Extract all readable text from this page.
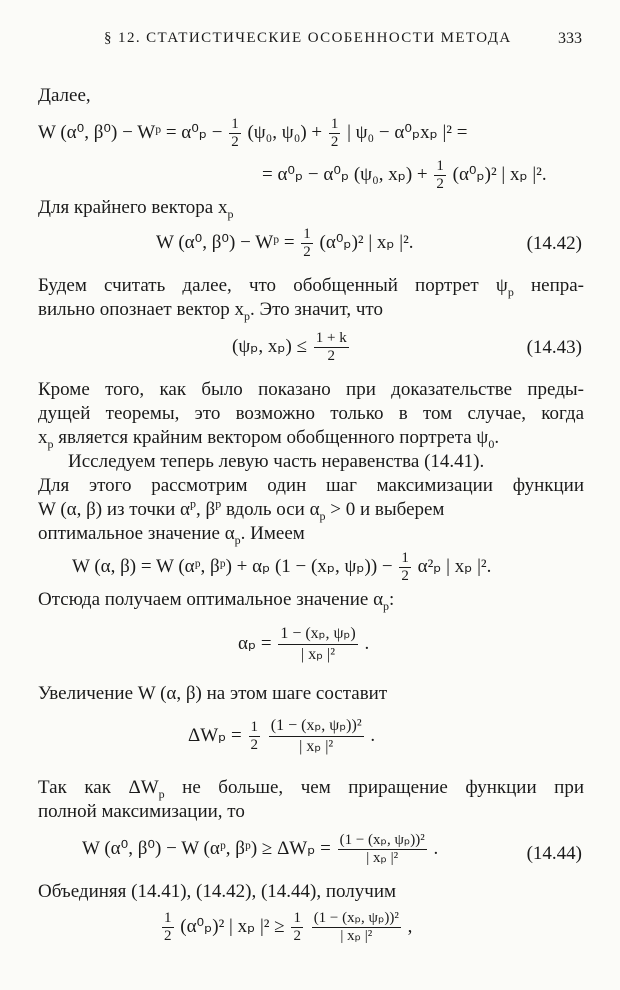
§ 12. СТАТИСТИЧЕСКИЕ ОСОБЕННОСТИ МЕТОДА	333
Далее,
W (α⁰, β⁰) − Wᵖ = $\alpha^0_p - \frac{1}{2} (\psi_0$, $\psi_0) + \frac{1}{2}$ | ψ₀ − α⁰ₚxₚ |² =
= α⁰ₚ − α⁰ₚ (ψ₀, $x_p) + \frac{1}{2} (\alpha^0_p)^2$ | xₚ |².
Для крайнего вектора $x_p$
W (α⁰, β⁰) − Wᵖ = $\frac{1}{2} (\alpha^0_p)^2$ | xₚ |².	(14.42)
Будем считать далее, что обобщенный портрет $\psi_p$ непра-
вильно опознает вектор $x_p$. Это значит, что
(ψₚ, $x_p) \le \frac{1 + k}{2}$	(14.43)
Кроме того, как было показано при доказательстве преды-
дущей теоремы, это возможно только в том случае, когда
$x_p$ является крайним вектором обобщенного портрета $\psi_0$.
Исследуем теперь левую часть неравенства (14.41).
Для этого рассмотрим один шаг максимизации функции
W (α, β) из точки $\alpha^p$, $\beta^p$ вдоль оси $\alpha_p > 0$ и выберем
оптимальное значение $\alpha_p$. Имеем
W (α, β) = W (αᵖ, βᵖ) + αₚ (1 − (xₚ, $\psi_p)) - \frac{1}{2} \alpha^2_p$ | xₚ |².
Отсюда получаем оптимальное значение $\alpha_p$:
$\alpha_p = \frac{\text{1 − (xₚ, ψₚ)}}{\text{| xₚ |²}}$ .
Увеличение W (α, β) на этом шаге составит
$\Delta W_p = \frac{1}{2}$
$\frac{\text{(1 − (xₚ, ψₚ))²}}{\text{| xₚ |²}}$ .
Так как $\Delta W_p$ не больше, чем приращение функции при
полной максимизации, то
W (α⁰, β⁰) − W (αᵖ, βᵖ) ≥ $\Delta W_p = \frac{\text{(1 − (xₚ, ψₚ))²}}{\text{| xₚ |²}}$ .	(14.44)
Объединяя (14.41), (14.42), (14.44), получим
$\frac{1}{2} (\alpha^0_p)^2$ | xₚ $|^2 \ge \frac{1}{2}$
$\frac{\text{(1 − (xₚ, ψₚ))²}}{\text{| xₚ |²}}$ ,
